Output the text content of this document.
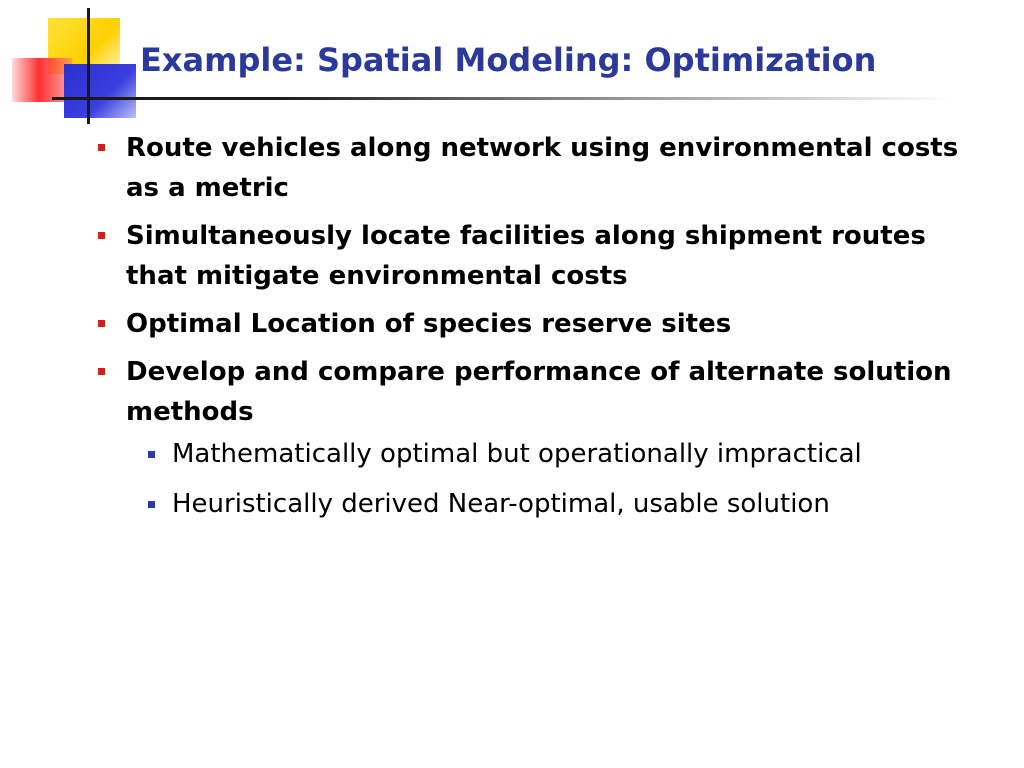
Example: Spatial Modeling: Optimization
Route vehicles along network using environmental costs as a metric
Simultaneously locate facilities along shipment routes that mitigate environmental costs
Optimal Location of species reserve sites
Develop and compare performance of alternate solution methods
Mathematically optimal but operationally impractical
Heuristically derived Near-optimal, usable solution
